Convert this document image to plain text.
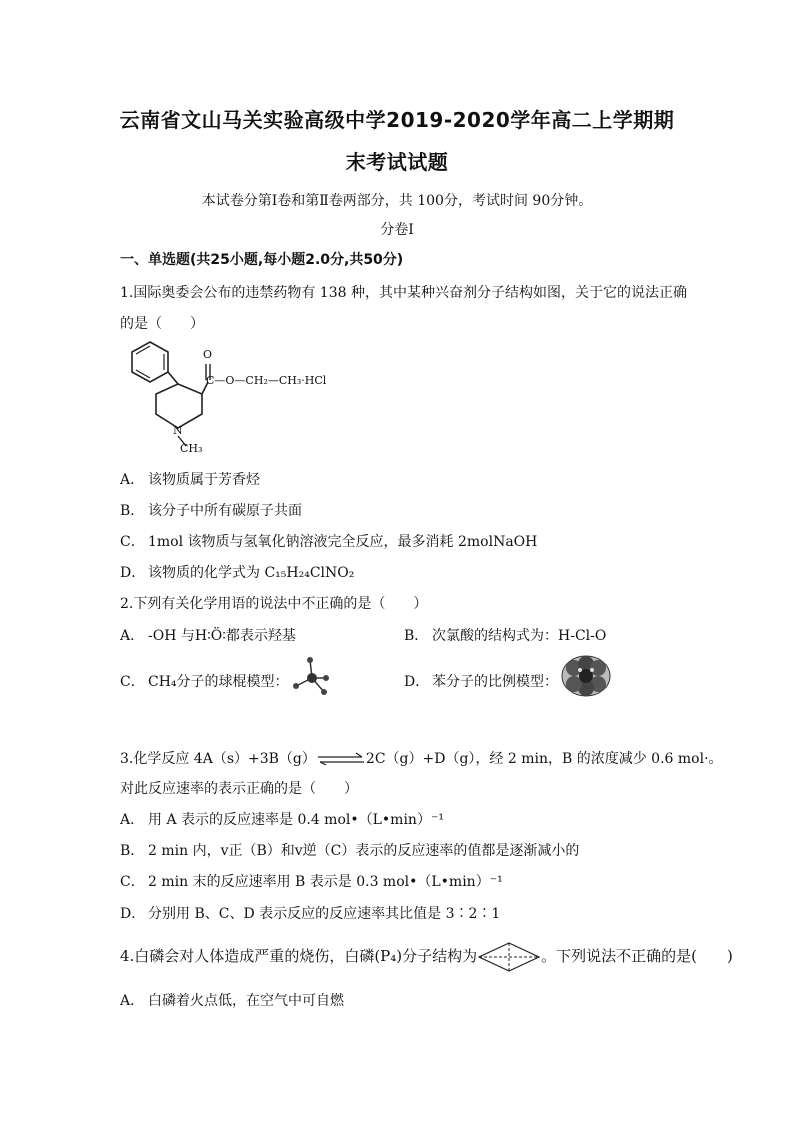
云南省文山马关实验高级中学2019-2020学年高二上学期期
末考试试题
本试卷分第Ⅰ卷和第Ⅱ卷两部分，共 100分，考试时间 90分钟。
分卷I
一、单选题(共25小题,每小题2.0分,共50分)
1.国际奥委会公布的违禁药物有 138 种，其中某种兴奋剂分子结构如图，关于它的说法正确
的是（　　）
O
C—O—CH₂—CH₃·HCl
N
CH₃
A． 该物质属于芳香烃
B． 该分子中所有碳原子共面
C． 1mol 该物质与氢氧化钠溶液完全反应，最多消耗 2molNaOH
D． 该物质的化学式为 C₁₅H₂₄ClNO₂
2.下列有关化学用语的说法中不正确的是（　　）
A． -OH 与H∶Ö∶都表示羟基	B． 次氯酸的结构式为：H-Cl-O
C． CH₄分子的球棍模型：	D． 苯分子的比例模型：
3.化学反应 4A（s）+3B（g）⇌2C（g）+D（g），经 2 min，B 的浓度减少 0.6 mol·。
对此反应速率的表示正确的是（　　）
A． 用 A 表示的反应速率是 0.4 mol•（L•min）⁻¹
B． 2 min 内，v正（B）和v逆（C）表示的反应速率的值都是逐渐减小的
C． 2 min 末的反应速率用 B 表示是 0.3 mol•（L•min）⁻¹
D． 分别用 B、C、D 表示反应的反应速率其比值是 3∶2∶1
4.白磷会对人体造成严重的烧伤，白磷(P₄)分子结构为	。下列说法不正确的是(　　)
A． 白磷着火点低，在空气中可自燃
